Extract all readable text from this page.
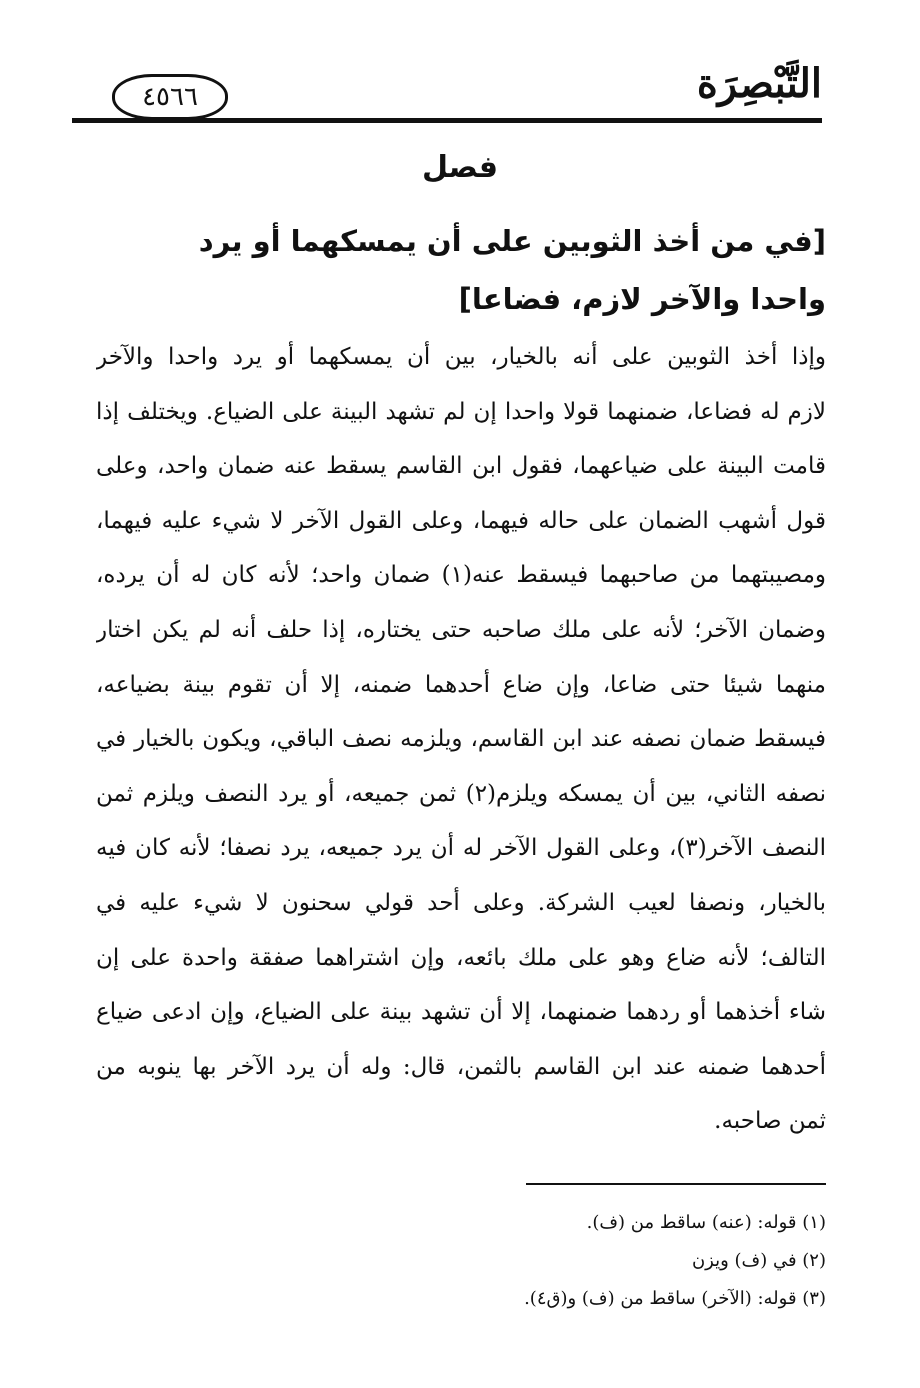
التَّبْصِرَة
٤٥٦٦
فصل
[في من أخذ الثوبين على أن يمسكهما أو يرد
واحدا والآخر لازم، فضاعا]
وإذا أخذ الثوبين على أنه بالخيار، بين أن يمسكهما أو يرد واحدا والآخر
لازم له فضاعا، ضمنهما قولا واحدا إن لم تشهد البينة على الضياع. ويختلف إذا
قامت البينة على ضياعهما، فقول ابن القاسم يسقط عنه ضمان واحد، وعلى
قول أشهب الضمان على حاله فيهما، وعلى القول الآخر لا شيء عليه فيهما،
ومصيبتهما من صاحبهما فيسقط عنه(١) ضمان واحد؛ لأنه كان له أن يرده،
وضمان الآخر؛ لأنه على ملك صاحبه حتى يختاره، إذا حلف أنه لم يكن اختار
منهما شيئا حتى ضاعا، وإن ضاع أحدهما ضمنه، إلا أن تقوم بينة بضياعه،
فيسقط ضمان نصفه عند ابن القاسم، ويلزمه نصف الباقي، ويكون بالخيار في
نصفه الثاني، بين أن يمسكه ويلزم(٢) ثمن جميعه، أو يرد النصف ويلزم ثمن
النصف الآخر(٣)، وعلى القول الآخر له أن يرد جميعه، يرد نصفا؛ لأنه كان فيه
بالخيار، ونصفا لعيب الشركة. وعلى أحد قولي سحنون لا شيء عليه في
التالف؛ لأنه ضاع وهو على ملك بائعه، وإن اشتراهما صفقة واحدة على إن
شاء أخذهما أو ردهما ضمنهما، إلا أن تشهد بينة على الضياع، وإن ادعى ضياع
أحدهما ضمنه عند ابن القاسم بالثمن، قال: وله أن يرد الآخر بها ينوبه من
ثمن صاحبه.
(١) قوله: (عنه) ساقط من (ف).
(٢) في (ف) ويزن
(٣) قوله: (الآخر) ساقط من (ف) و(ق٤).
